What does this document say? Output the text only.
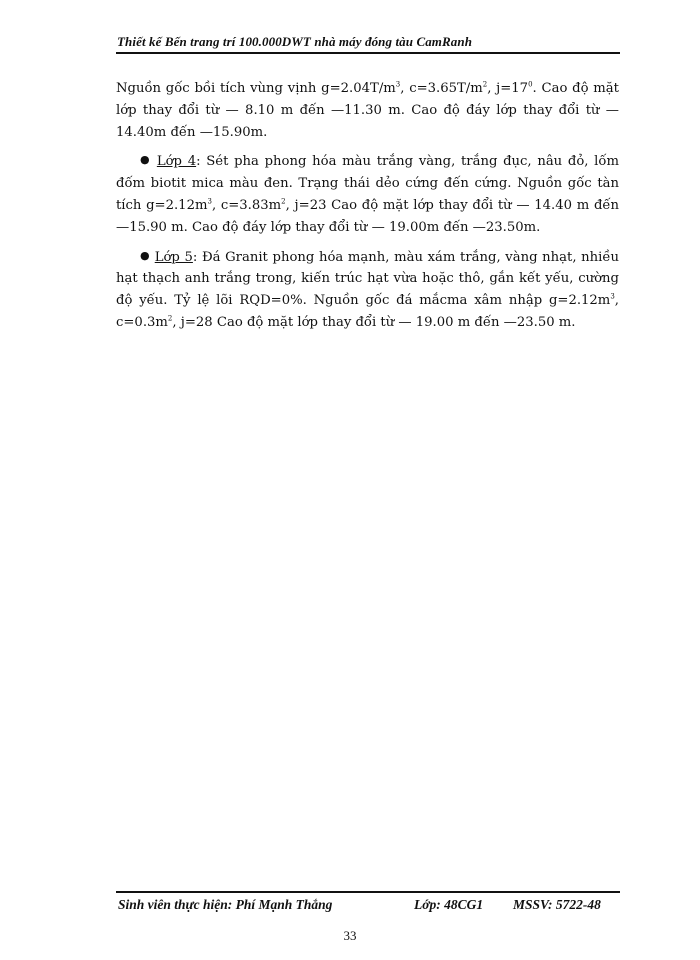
Thiết kế Bến trang trí 100.000DWT nhà máy đóng tàu CamRanh

Nguồn gốc bồi tích vùng vịnh $g=2.04T/m^3$, $c=3.65T/m^2$, $j=17^0$. Cao độ mặt lớp thay đổi từ — 8.10 m đến —11.30 m. Cao độ đáy lớp thay đổi từ — 14.40m đến —15.90m.

● Lớp 4: Sét pha phong hóa màu trắng vàng, trắng đục, nâu đỏ, lốm đốm biotit mica màu đen. Trạng thái dẻo cứng đến cứng. Nguồn gốc tàn tích $g=2.12m^3$, $c=3.83m^2$, j=23 Cao độ mặt lớp thay đổi từ — 14.40 m đến —15.90 m. Cao độ đáy lớp thay đổi từ — 19.00m đến —23.50m.

● Lớp 5: Đá Granit phong hóa mạnh, màu xám trắng, vàng nhạt, nhiều hạt thạch anh trắng trong, kiến trúc hạt vừa hoặc thô, gắn kết yếu, cường độ yếu. Tỷ lệ lõi RQD=0%. Nguồn gốc đá mắcma xâm nhập $g=2.12m^3$, $c=0.3m^2$, j=28 Cao độ mặt lớp thay đổi từ — 19.00 m đến —23.50 m.

Sinh viên thực hiện: Phí Mạnh Thắng	Lớp: 48CG1 MSSV: 5722-48
33
